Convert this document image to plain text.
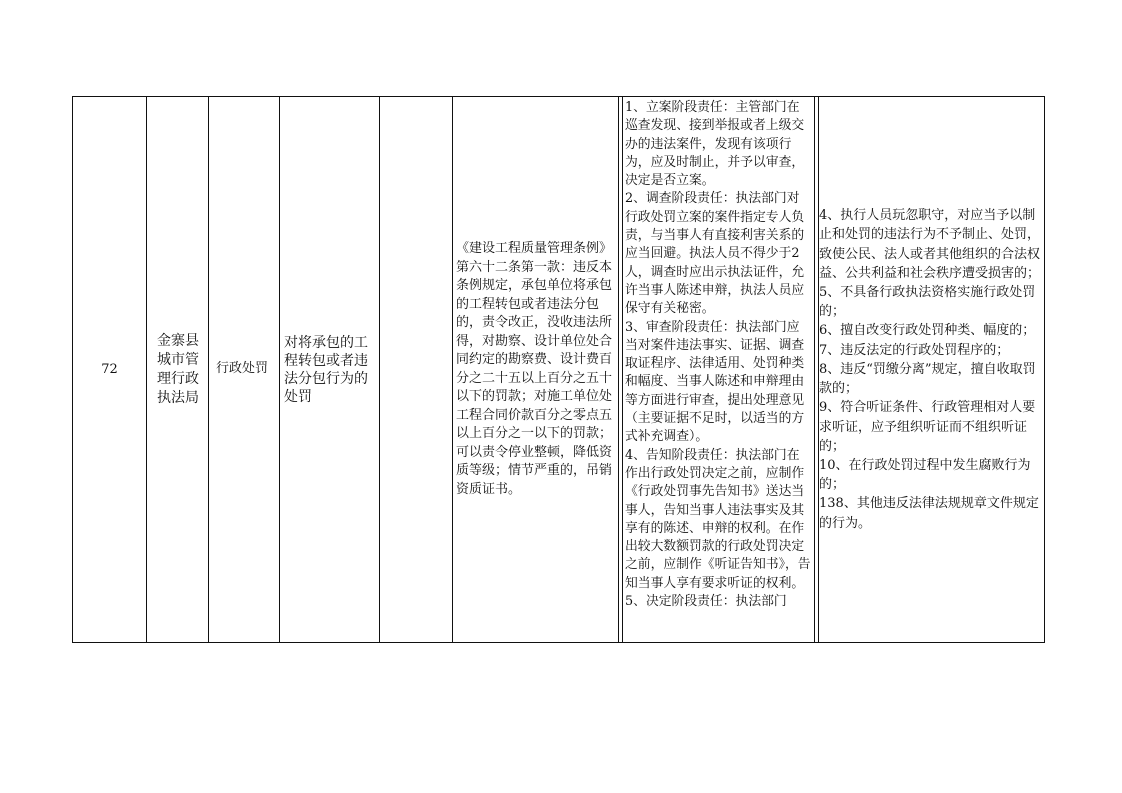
72
金寨县城市管理行政执法局
行政处罚
对将承包的工程转包或者违法分包行为的处罚
《建设工程质量管理条例》第六十二条第一款：违反本条例规定，承包单位将承包的工程转包或者违法分包的，责令改正，没收违法所得，对勘察、设计单位处合同约定的勘察费、设计费百分之二十五以上百分之五十以下的罚款；对施工单位处工程合同价款百分之零点五以上百分之一以下的罚款；可以责令停业整顿，降低资质等级；情节严重的，吊销资质证书。
1、立案阶段责任：主管部门在巡查发现、接到举报或者上级交办的违法案件，发现有该项行为，应及时制止，并予以审查，决定是否立案。
2、调查阶段责任：执法部门对行政处罚立案的案件指定专人负责，与当事人有直接利害关系的应当回避。执法人员不得少于2人，调查时应出示执法证件，允许当事人陈述申辩，执法人员应保守有关秘密。
3、审查阶段责任：执法部门应当对案件违法事实、证据、调查取证程序、法律适用、处罚种类和幅度、当事人陈述和申辩理由等方面进行审查，提出处理意见（主要证据不足时，以适当的方式补充调查）。
4、告知阶段责任：执法部门在作出行政处罚决定之前，应制作《行政处罚事先告知书》送达当事人，告知当事人违法事实及其享有的陈述、申辩的权利。在作出较大数额罚款的行政处罚决定之前，应制作《听证告知书》，告知当事人享有要求听证的权利。
5、决定阶段责任：执法部门
4、执行人员玩忽职守，对应当予以制止和处罚的违法行为不予制止、处罚，致使公民、法人或者其他组织的合法权益、公共利益和社会秩序遭受损害的；
5、不具备行政执法资格实施行政处罚的；
6、擅自改变行政处罚种类、幅度的；
7、违反法定的行政处罚程序的；
8、违反“罚缴分离”规定，擅自收取罚款的；
9、符合听证条件、行政管理相对人要求听证，应予组织听证而不组织听证的；
10、在行政处罚过程中发生腐败行为的；
138、其他违反法律法规规章文件规定的行为。
